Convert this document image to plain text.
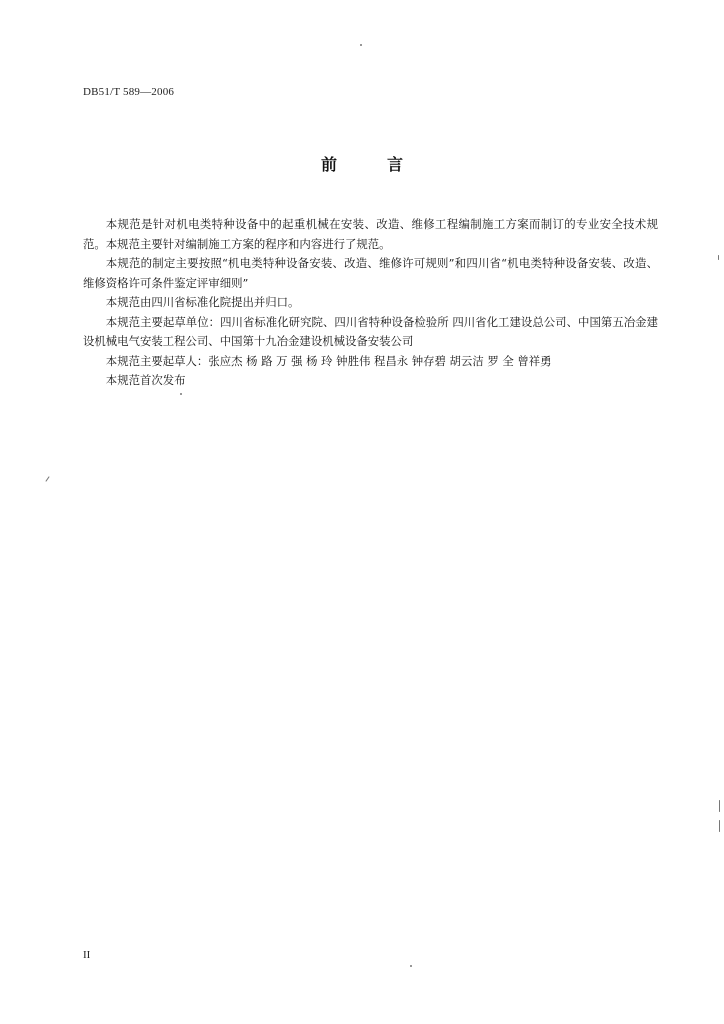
DB51/T 589—2006
前	言

本规范是针对机电类特种设备中的起重机械在安装、改造、维修工程编制施工方案而制订的专业安全技术规范。本规范主要针对编制施工方案的程序和内容进行了规范。

本规范的制定主要按照“机电类特种设备安装、改造、维修许可规则”和四川省“机电类特种设备安装、改造、维修资格许可条件鉴定评审细则”

本规范由四川省标准化院提出并归口。

本规范主要起草单位：四川省标准化研究院、四川省特种设备检验所 四川省化工建设总公司、中国第五冶金建设机械电气安装工程公司、中国第十九冶金建设机械设备安装公司

本规范主要起草人：张应杰 杨 路 万 强 杨 玲 钟胜伟 程昌永 钟存碧 胡云洁 罗 全 曾祥勇

本规范首次发布

II
